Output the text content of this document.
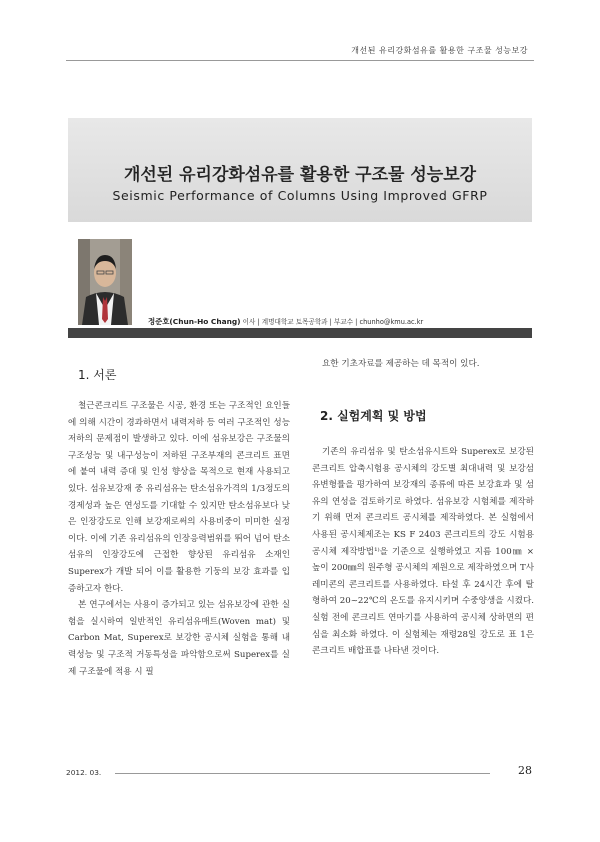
개선된 유리강화섬유를 활용한 구조물 성능보강
개선된 유리강화섬유를 활용한 구조물 성능보강
Seismic Performance of Columns Using Improved GFRP
정준호(Chun-Ho Chang) 이사 | 계명대학교 토목공학과 | 부교수 | chunho@kmu.ac.kr
1. 서론

철근콘크리트 구조물은 시공, 환경 또는 구조적인 요인들에 의해 시간이 경과하면서 내력저하 등 여러 구조적인 성능저하의 문제점이 발생하고 있다. 이에 섬유보강은 구조물의 구조성능 및 내구성능이 저하된 구조부재의 콘크리트 표면에 붙여 내력 증대 및 인성 향상을 목적으로 현재 사용되고 있다. 섬유보강재 중 유리섬유는 탄소섬유가격의 1/3정도의 경제성과 높은 연성도를 기대할 수 있지만 탄소섬유보다 낮은 인장강도로 인해 보강재로써의 사용비중이 미미한 실정이다. 이에 기존 유리섬유의 인장응력범위를 뛰어 넘어 탄소섬유의 인장강도에 근접한 향상된 유리섬유 소재인 Superex가 개발 되어 이를 활용한 기둥의 보강 효과를 입증하고자 한다.

본 연구에서는 사용이 증가되고 있는 섬유보강에 관한 실험을 실시하여 일반적인 유리섬유매트(Woven mat) 및 Carbon Mat, Superex로 보강한 공시체 실험을 통해 내력성능 및 구조적 거동특성을 파악함으로써 Superex를 실제 구조물에 적용 시 필

요한 기초자료를 제공하는 데 목적이 있다.

2. 실험계획 및 방법

기존의 유리섬유 및 탄소섬유시트와 Superex로 보강된 콘크리트 압축시험용 공시체의 강도별 최대내력 및 보강섬유변형률을 평가하여 보강재의 종류에 따른 보강효과 및 섬유의 연성을 검토하기로 하였다. 섬유보강 시험체를 제작하기 위해 먼저 콘크리트 공시체를 제작하였다. 본 실험에서 사용된 공시체제조는 KS F 2403 콘크리트의 강도 시험용 공시체 제작방법¹⁾을 기준으로 실행하였고 지름 100㎜ × 높이 200㎜의 원주형 공시체의 제원으로 제작하였으며 T사 레미콘의 콘크리트를 사용하였다. 타설 후 24시간 후에 탈형하여 20~22℃의 온도를 유지시키며 수중양생을 시켰다. 실험 전에 콘크리트 연마기를 사용하여 공시체 상하면의 편심을 최소화 하였다. 이 실험체는 재령28일 강도로 표 1은 콘크리트 배합표를 나타낸 것이다.

2012. 03.	28
